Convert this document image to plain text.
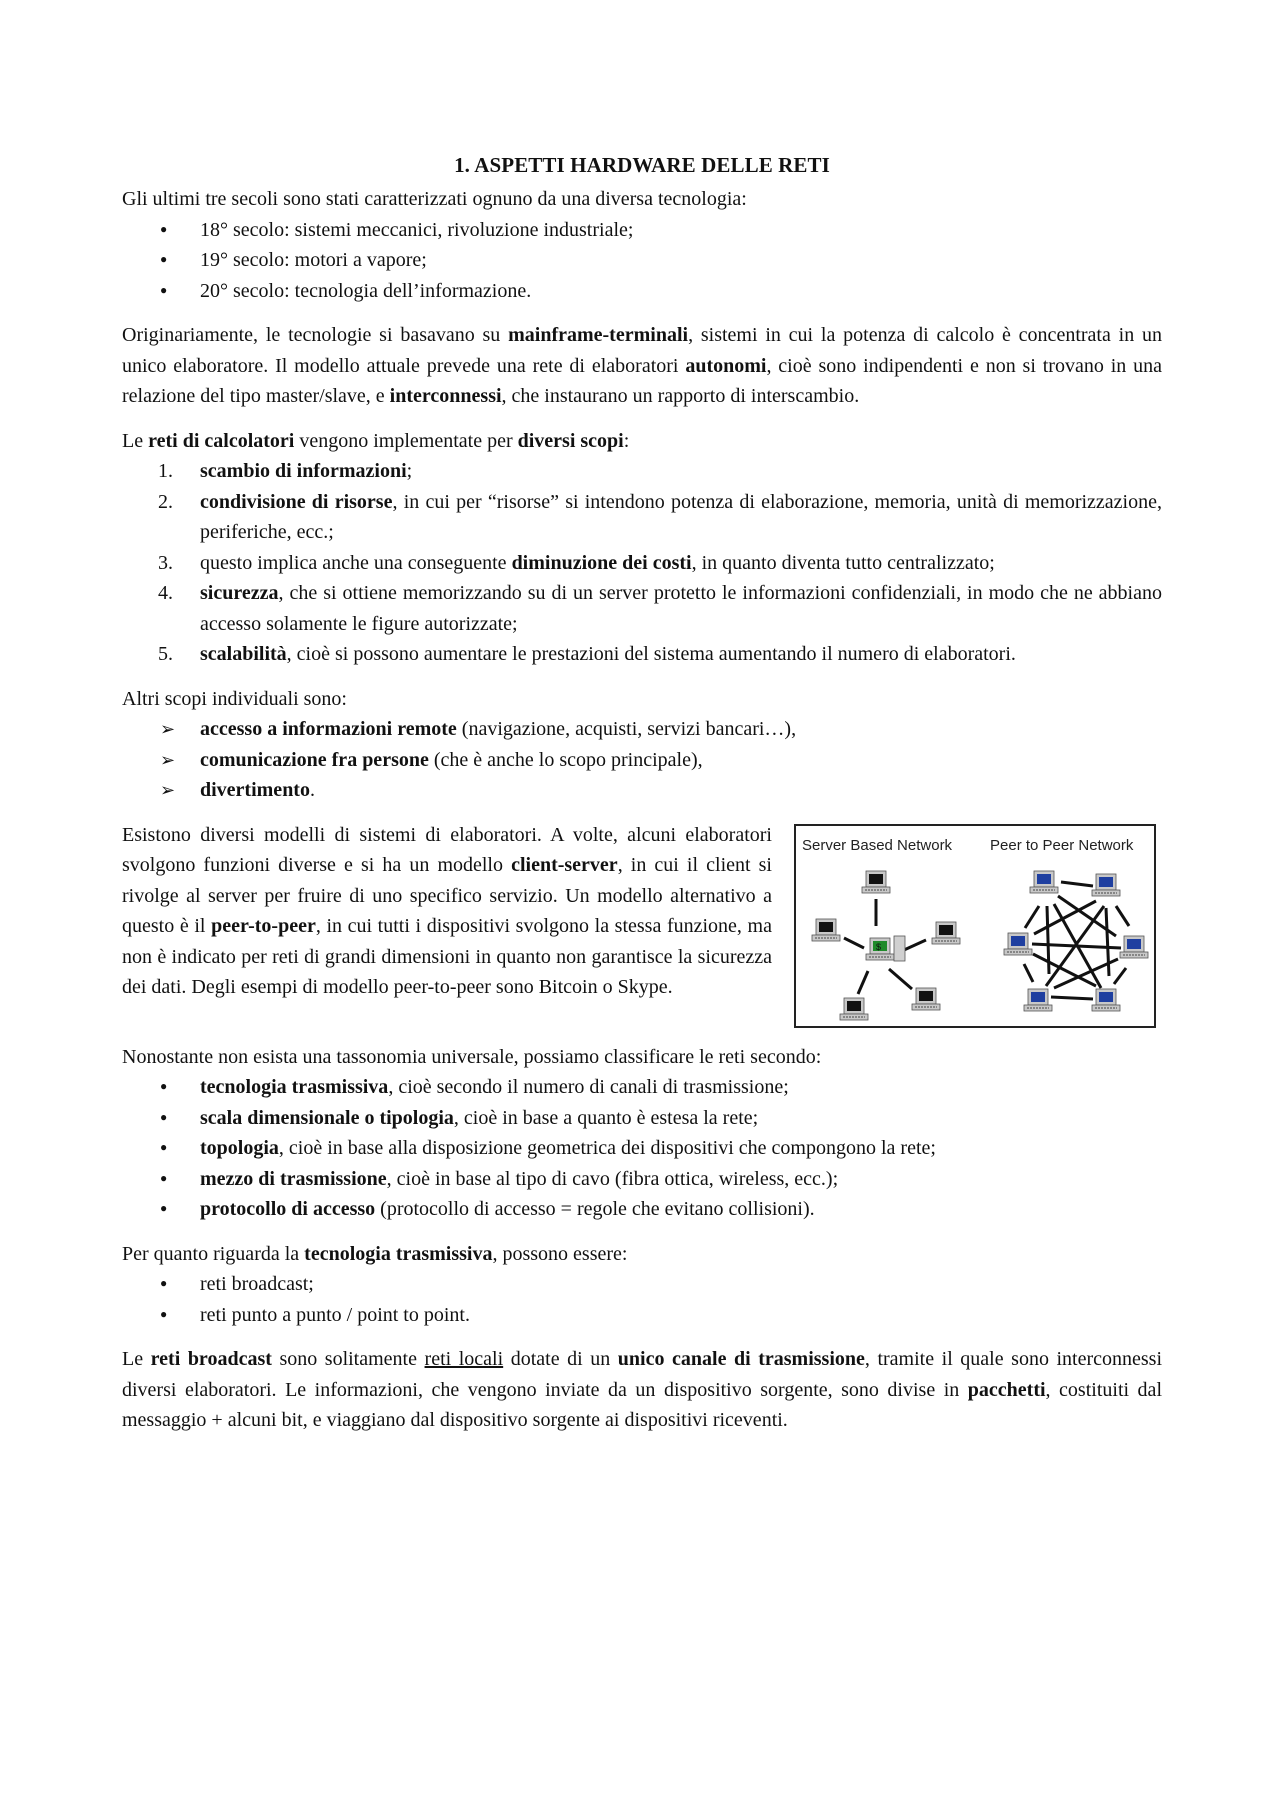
1. ASPETTI HARDWARE DELLE RETI

Gli ultimi tre secoli sono stati caratterizzati ognuno da una diversa tecnologia:

●
18° secolo: sistemi meccanici, rivoluzione industriale;
●
19° secolo: motori a vapore;
●
20° secolo: tecnologia dell’informazione.

Originariamente, le tecnologie si basavano su mainframe-terminali, sistemi in cui la potenza di calcolo è concentrata in un unico elaboratore. Il modello attuale prevede una rete di elaboratori autonomi, cioè sono indipendenti e non si trovano in una relazione del tipo master/slave, e interconnessi, che instaurano un rapporto di interscambio.

Le reti di calcolatori vengono implementate per diversi scopi:

1.	scambio di informazioni;
2.	condivisione di risorse, in cui per “risorse” si intendono potenza di elaborazione, memoria, unità di memorizzazione, periferiche, ecc.;
3.	questo implica anche una conseguente diminuzione dei costi, in quanto diventa tutto centralizzato;
4.	sicurezza, che si ottiene memorizzando su di un server protetto le informazioni confidenziali, in modo che ne abbiano accesso solamente le figure autorizzate;
5.	scalabilità, cioè si possono aumentare le prestazioni del sistema aumentando il numero di elaboratori.

Altri scopi individuali sono:

➢	accesso a informazioni remote (navigazione, acquisti, servizi bancari…),
➢	comunicazione fra persone (che è anche lo scopo principale),
➢	divertimento.

Esistono diversi modelli di sistemi di elaboratori. A volte, alcuni elaboratori svolgono funzioni diverse e si ha un modello client-server, in cui il client si rivolge al server per fruire di uno specifico servizio. Un modello alternativo a questo è il peer-to-peer, in cui tutti i dispositivi svolgono la stessa funzione, ma non è indicato per reti di grandi dimensioni in quanto non garantisce la sicurezza dei dati. Degli esempi di modello peer-to-peer sono Bitcoin o Skype.

Server Based Network	Peer to Peer Network
$

Nonostante non esista una tassonomia universale, possiamo classificare le reti secondo:

●
tecnologia trasmissiva, cioè secondo il numero di canali di trasmissione;
●
scala dimensionale o tipologia, cioè in base a quanto è estesa la rete;
●
topologia, cioè in base alla disposizione geometrica dei dispositivi che compongono la rete;
●
mezzo di trasmissione, cioè in base al tipo di cavo (fibra ottica, wireless, ecc.);
●
protocollo di accesso (protocollo di accesso = regole che evitano collisioni).

Per quanto riguarda la tecnologia trasmissiva, possono essere:

●
reti broadcast;
●
reti punto a punto / point to point.

Le reti broadcast sono solitamente reti locali dotate di un unico canale di trasmissione, tramite il quale sono interconnessi diversi elaboratori. Le informazioni, che vengono inviate da un dispositivo sorgente, sono divise in pacchetti, costituiti dal messaggio + alcuni bit, e viaggiano dal dispositivo sorgente ai dispositivi riceventi.
